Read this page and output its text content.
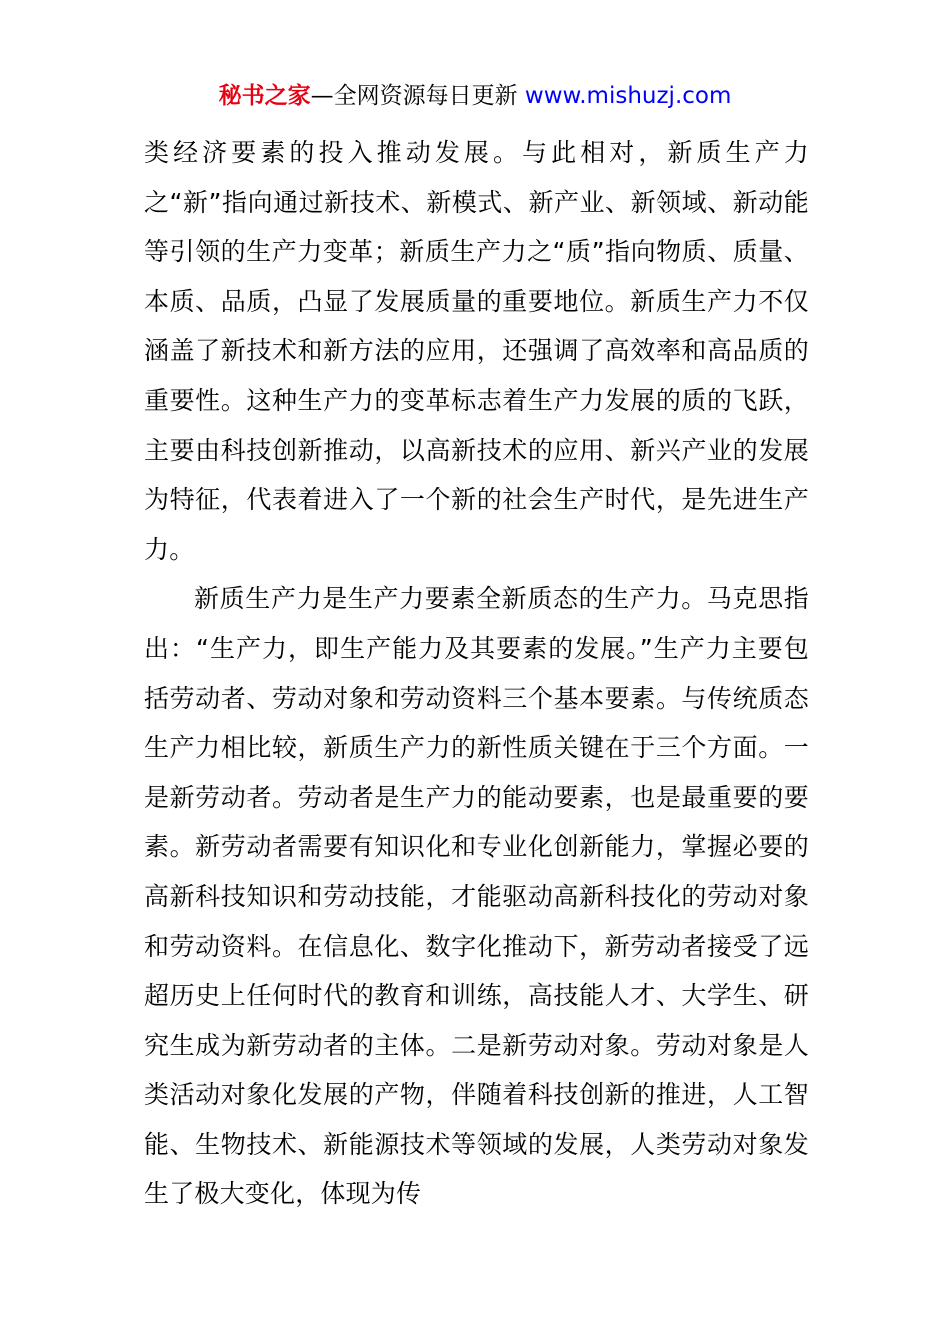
秘书之家—全网资源每日更新 www.mishuzj.com

类经济要素的投入推动发展。与此相对，新质生产力之“新”指向通过新技术、新模式、新产业、新领域、新动能等引领的生产力变革；新质生产力之“质”指向物质、质量、本质、品质，凸显了发展质量的重要地位。新质生产力不仅涵盖了新技术和新方法的应用，还强调了高效率和高品质的重要性。这种生产力的变革标志着生产力发展的质的飞跃，主要由科技创新推动，以高新技术的应用、新兴产业的发展为特征，代表着进入了一个新的社会生产时代，是先进生产力。

新质生产力是生产力要素全新质态的生产力。马克思指出：“生产力，即生产能力及其要素的发展。”生产力主要包括劳动者、劳动对象和劳动资料三个基本要素。与传统质态生产力相比较，新质生产力的新性质关键在于三个方面。一是新劳动者。劳动者是生产力的能动要素，也是最重要的要素。新劳动者需要有知识化和专业化创新能力，掌握必要的高新科技知识和劳动技能，才能驱动高新科技化的劳动对象和劳动资料。在信息化、数字化推动下，新劳动者接受了远超历史上任何时代的教育和训练，高技能人才、大学生、研究生成为新劳动者的主体。二是新劳动对象。劳动对象是人类活动对象化发展的产物，伴随着科技创新的推进，人工智能、生物技术、新能源技术等领域的发展，人类劳动对象发生了极大变化，体现为传
